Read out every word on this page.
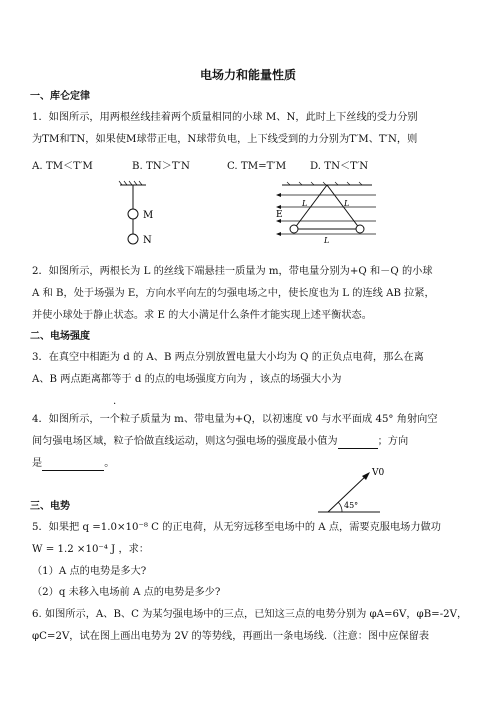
电场力和能量性质
一、库仑定律
1．如图所示，用两根丝线挂着两个质量相同的小球 M、N，此时上下丝线的受力分别
为TM和TN，如果使M球带正电，N球带负电，上下线受到的力分别为T′M、T′N，则
A. TM＜T′M	B. TN＞T′N	C. TM=T′M D. TN＜T′N
M
N
E
L	L
L
2．如图所示，两根长为 L 的丝线下端悬挂一质量为 m，带电量分别为+Q 和－Q 的小球
A 和 B，处于场强为 E，方向水平向左的匀强电场之中，使长度也为 L 的连线 AB 拉紧，
并使小球处于静止状态。求 E 的大小满足什么条件才能实现上述平衡状态。
二、电场强度
3．在真空中相距为 d 的 A、B 两点分别放置电量大小均为 Q 的正负点电荷，那么在离
A、B 两点距离都等于 d 的点的电场强度方向为 ，该点的场强大小为
.
4．如图所示，一个粒子质量为 m、带电量为+Q，以初速度 v0 与水平面成 45° 角射向空
间匀强电场区域，粒子恰做直线运动，则这匀强电场的强度最小值为	；方向
是	。
V0
45°
三、电势
5．如果把 q =1.0×10⁻⁸ C 的正电荷，从无穷远移至电场中的 A 点，需要克服电场力做功
W = 1.2 ×10⁻⁴ J ，求：
（1）A 点的电势是多大?
（2）q 未移入电场前 A 点的电势是多少?
6. 如图所示，A、B、C 为某匀强电场中的三点，已知这三点的电势分别为 φA=6V，φB=-2V，
φC=2V，试在图上画出电势为 2V 的等势线，再画出一条电场线.（注意：图中应保留表
